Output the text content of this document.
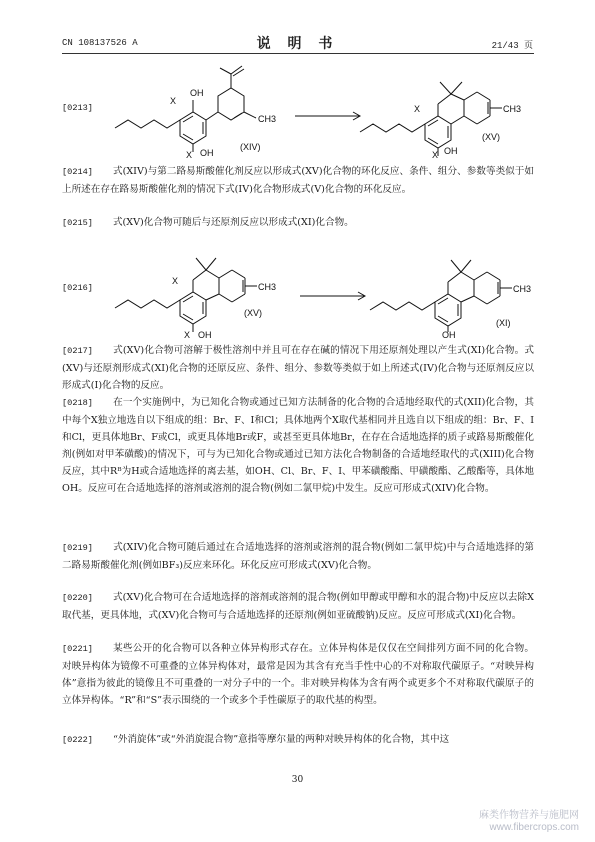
CN 108137526 A	说 明 书	21/43 页
[0213]
X
OH
X OH
CH3
(XIV)
X
X OH
CH3
(XV)

[0214] 式(XIV)与第二路易斯酸催化剂反应以形成式(XV)化合物的环化反应、条件、组分、参数等类似于如上所述在存在路易斯酸催化剂的情况下式(IV)化合物形成式(V)化合物的环化反应。

[0215] 式(XV)化合物可随后与还原剂反应以形成式(XI)化合物。

[0216]
X
X OH
CH3
(XV)
OH
CH3
(XI)

[0217] 式(XV)化合物可溶解于极性溶剂中并且可在存在碱的情况下用还原剂处理以产生式(XI)化合物。式(XV)与还原剂形成式(XI)化合物的还原反应、条件、组分、参数等类似于如上所述式(IV)化合物与还原剂反应以形成式(I)化合物的反应。

[0218] 在一个实施例中，为已知化合物或通过已知方法制备的化合物的合适地经取代的式(XII)化合物，其中每个X独立地选自以下组成的组：Br、F、I和Cl；具体地两个X取代基相同并且选自以下组成的组：Br、F、I和Cl，更具体地Br、F或Cl，或更具体地Br或F，或甚至更具体地Br，在存在合适地选择的质子或路易斯酸催化剂(例如对甲苯磺酸)的情况下，可与为已知化合物或通过已知方法化合物制备的合适地经取代的式(XIII)化合物反应，其中Rᴮ为H或合适地选择的离去基，如OH、Cl、Br、F、I、甲苯磺酸酯、甲磺酸酯、乙酸酯等，具体地OH。反应可在合适地选择的溶剂或溶剂的混合物(例如二氯甲烷)中发生。反应可形成式(XIV)化合物。

[0219] 式(XIV)化合物可随后通过在合适地选择的溶剂或溶剂的混合物(例如二氯甲烷)中与合适地选择的第二路易斯酸催化剂(例如BF₃)反应来环化。环化反应可形成式(XV)化合物。

[0220] 式(XV)化合物可在合适地选择的溶剂或溶剂的混合物(例如甲醇或甲醇和水的混合物)中反应以去除X取代基，更具体地，式(XV)化合物可与合适地选择的还原剂(例如亚硫酸钠)反应。反应可形成式(XI)化合物。

[0221] 某些公开的化合物可以各种立体异构形式存在。立体异构体是仅仅在空间排列方面不同的化合物。对映异构体为镜像不可重叠的立体异构体对，最常是因为其含有充当手性中心的不对称取代碳原子。“对映异构体”意指为彼此的镜像且不可重叠的一对分子中的一个。非对映异构体为含有两个或更多个不对称取代碳原子的立体异构体。“R”和“S”表示围绕的一个或多个手性碳原子的取代基的构型。

[0222] “外消旋体”或“外消旋混合物”意指等摩尔量的两种对映异构体的化合物，其中这

30
麻类作物营养与施肥网
www.fibercrops.com
